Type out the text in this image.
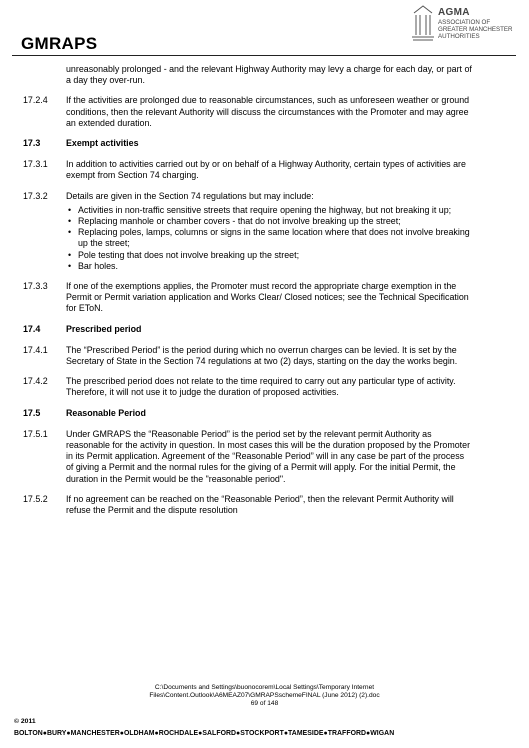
GMRAPS
AGMA
ASSOCIATION OF
GREATER MANCHESTER
AUTHORITIES
unreasonably prolonged - and the relevant Highway Authority may levy a charge for each day, or part of a day they over-run.
17.2.4 If the activities are prolonged due to reasonable circumstances, such as unforeseen weather or ground conditions, then the relevant Authority will discuss the circumstances with the Promoter and may agree an extended duration.
17.3	Exempt activities
17.3.1 In addition to activities carried out by or on behalf of a Highway Authority, certain types of activities are exempt from Section 74 charging.
17.3.2 Details are given in the Section 74 regulations but may include:
• Activities in non-traffic sensitive streets that require opening the highway, but not breaking it up;
• Replacing manhole or chamber covers - that do not involve breaking up the street;
• Replacing poles, lamps, columns or signs in the same location where that does not involve breaking up the street;
• Pole testing that does not involve breaking up the street;
• Bar holes.
17.3.3 If one of the exemptions applies, the Promoter must record the appropriate charge exemption in the Permit or Permit variation application and Works Clear/ Closed notices; see the Technical Specification for EToN.
17.4	Prescribed period
17.4.1 The “Prescribed Period” is the period during which no overrun charges can be levied. It is set by the Secretary of State in the Section 74 regulations at two (2) days, starting on the day the works begin.
17.4.2 The prescribed period does not relate to the time required to carry out any particular type of activity. Therefore, it will not use it to judge the duration of proposed activities.
17.5	Reasonable Period
17.5.1 Under GMRAPS the “Reasonable Period” is the period set by the relevant permit Authority as reasonable for the activity in question. In most cases this will be the duration proposed by the Promoter in its Permit application. Agreement of the “Reasonable Period” will in any case be part of the process of giving a Permit and the normal rules for the giving of a Permit will apply. For the initial Permit, the duration in the Permit would be the "reasonable period".
17.5.2 If no agreement can be reached on the “Reasonable Period”, then the relevant Permit Authority will refuse the Permit and the dispute resolution
C:\Documents and Settings\buonocorem\Local Settings\Temporary Internet
Files\Content.Outlook\A6MEAZ07\GMRAPSschemeFINAL (June 2012) (2).doc
69 of 148
© 2011
BOLTON●BURY●MANCHESTER●OLDHAM●ROCHDALE●SALFORD●STOCKPORT●TAMESIDE●TRAFFORD●WIGAN
